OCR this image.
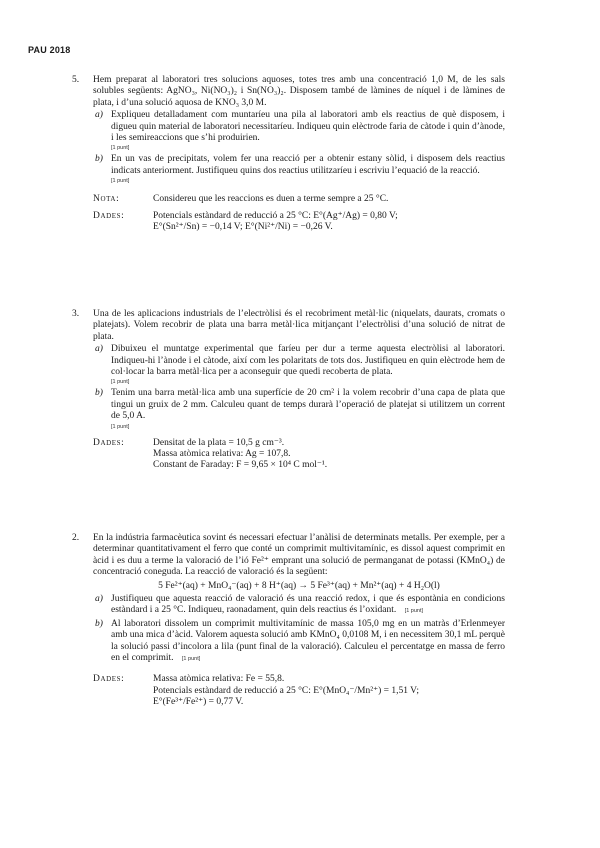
PAU 2018
5. Hem preparat al laboratori tres solucions aquoses, totes tres amb una concentració 1,0 M, de les sals solubles següents: AgNO₃, Ni(NO₃)₂ i Sn(NO₃)₂. Disposem també de làmines de níquel i de làmines de plata, i d’una solució aquosa de KNO₃ 3,0 M.

a) Expliqueu detalladament com muntaríeu una pila al laboratori amb els reactius de què disposem, i digueu quin material de laboratori necessitaríeu. Indiqueu quin elèctrode faria de càtode i quin d’ànode, i les semireaccions que s’hi produirien.
[1 punt]
b) En un vas de precipitats, volem fer una reacció per a obtenir estany sòlid, i disposem dels reactius indicats anteriorment. Justifiqueu quins dos reactius utilitzaríeu i escriviu l’equació de la reacció.
[1 punt]
Nota:	Considereu que les reaccions es duen a terme sempre a 25 °C.
Dades:	Potencials estàndard de reducció a 25 °C: E°(Ag⁺/Ag) = 0,80 V;
E°(Sn²⁺/Sn) = −0,14 V; E°(Ni²⁺/Ni) = −0,26 V.
3. Una de les aplicacions industrials de l’electròlisi és el recobriment metàl·lic (niquelats, daurats, cromats o platejats). Volem recobrir de plata una barra metàl·lica mitjançant l’electròlisi d’una solució de nitrat de plata.

a) Dibuixeu el muntatge experimental que faríeu per dur a terme aquesta electròlisi al laboratori. Indiqueu-hi l’ànode i el càtode, així com les polaritats de tots dos. Justifiqueu en quin elèctrode hem de col·locar la barra metàl·lica per a aconseguir que quedi recoberta de plata.
[1 punt]
b) Tenim una barra metàl·lica amb una superfície de 20 cm² i la volem recobrir d’una capa de plata que tingui un gruix de 2 mm. Calculeu quant de temps durarà l’operació de platejat si utilitzem un corrent de 5,0 A.
[1 punt]
Dades:	Densitat de la plata = 10,5 g cm⁻³.
Massa atòmica relativa: Ag = 107,8.
Constant de Faraday: F = 9,65 × 10⁴ C mol⁻¹.
2. En la indústria farmacèutica sovint és necessari efectuar l’anàlisi de determinats metalls. Per exemple, per a determinar quantitativament el ferro que conté un comprimit multivitamínic, es dissol aquest comprimit en àcid i es duu a terme la valoració de l’ió Fe²⁺ emprant una solució de permanganat de potassi (KMnO₄) de concentració coneguda. La reacció de valoració és la següent:

5 Fe²⁺(aq) + MnO₄⁻(aq) + 8 H⁺(aq) → 5 Fe³⁺(aq) + Mn²⁺(aq) + 4 H₂O(l)
a) Justifiqueu que aquesta reacció de valoració és una reacció redox, i que és espontània en condicions estàndard i a 25 °C. Indiqueu, raonadament, quin dels reactius és l’oxidant. [1 punt]
b) Al laboratori dissolem un comprimit multivitamínic de massa 105,0 mg en un matràs d’Erlenmeyer amb una mica d’àcid. Valorem aquesta solució amb KMnO₄ 0,0108 M, i en necessitem 30,1 mL perquè la solució passi d’incolora a lila (punt final de la valoració). Calculeu el percentatge en massa de ferro en el comprimit. [1 punt]
Dades:	Massa atòmica relativa: Fe = 55,8.
Potencials estàndard de reducció a 25 °C: E°(MnO₄⁻/Mn²⁺) = 1,51 V;
E°(Fe³⁺/Fe²⁺) = 0,77 V.
